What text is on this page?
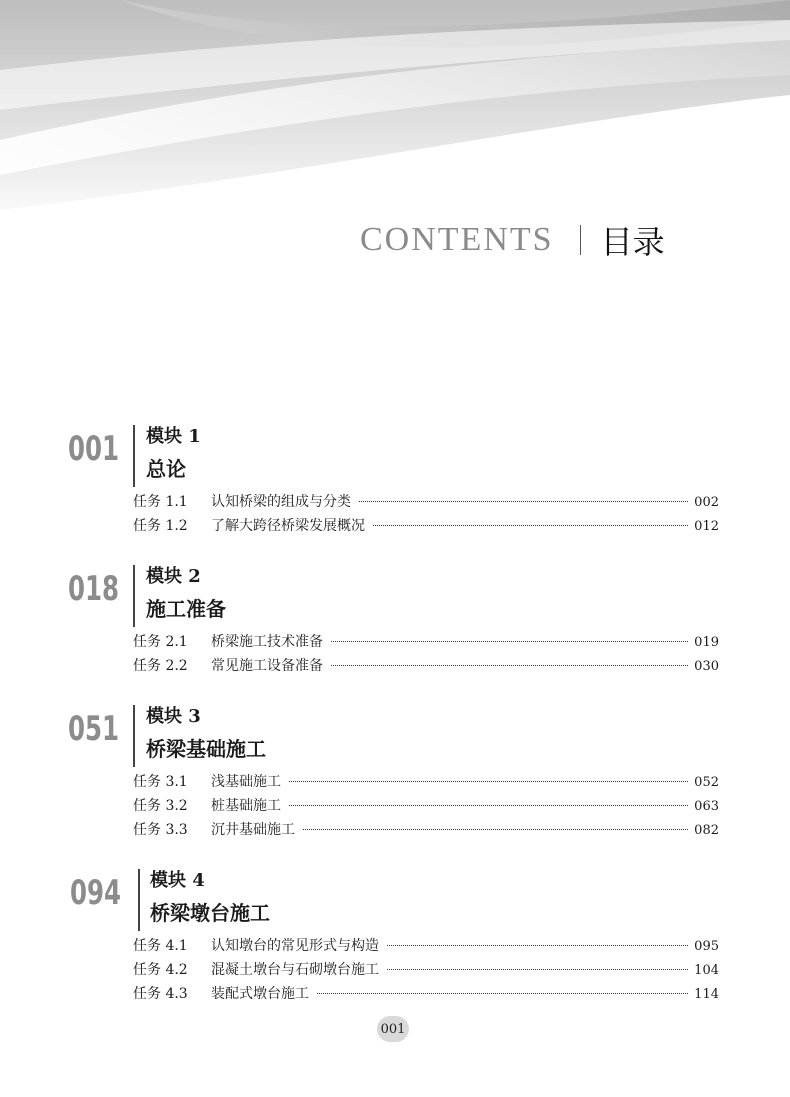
CONTENTS 目录
001 模块 1
总论
任务 1.1	认知桥梁的组成与分类	002
任务 1.2	了解大跨径桥梁发展概况	012
018 模块 2
施工准备
任务 2.1	桥梁施工技术准备	019
任务 2.2	常见施工设备准备	030
051 模块 3
桥梁基础施工
任务 3.1	浅基础施工	052
任务 3.2	桩基础施工	063
任务 3.3	沉井基础施工	082
094 模块 4
桥梁墩台施工
任务 4.1	认知墩台的常见形式与构造	095
任务 4.2	混凝土墩台与石砌墩台施工	104
任务 4.3	装配式墩台施工	114
001
